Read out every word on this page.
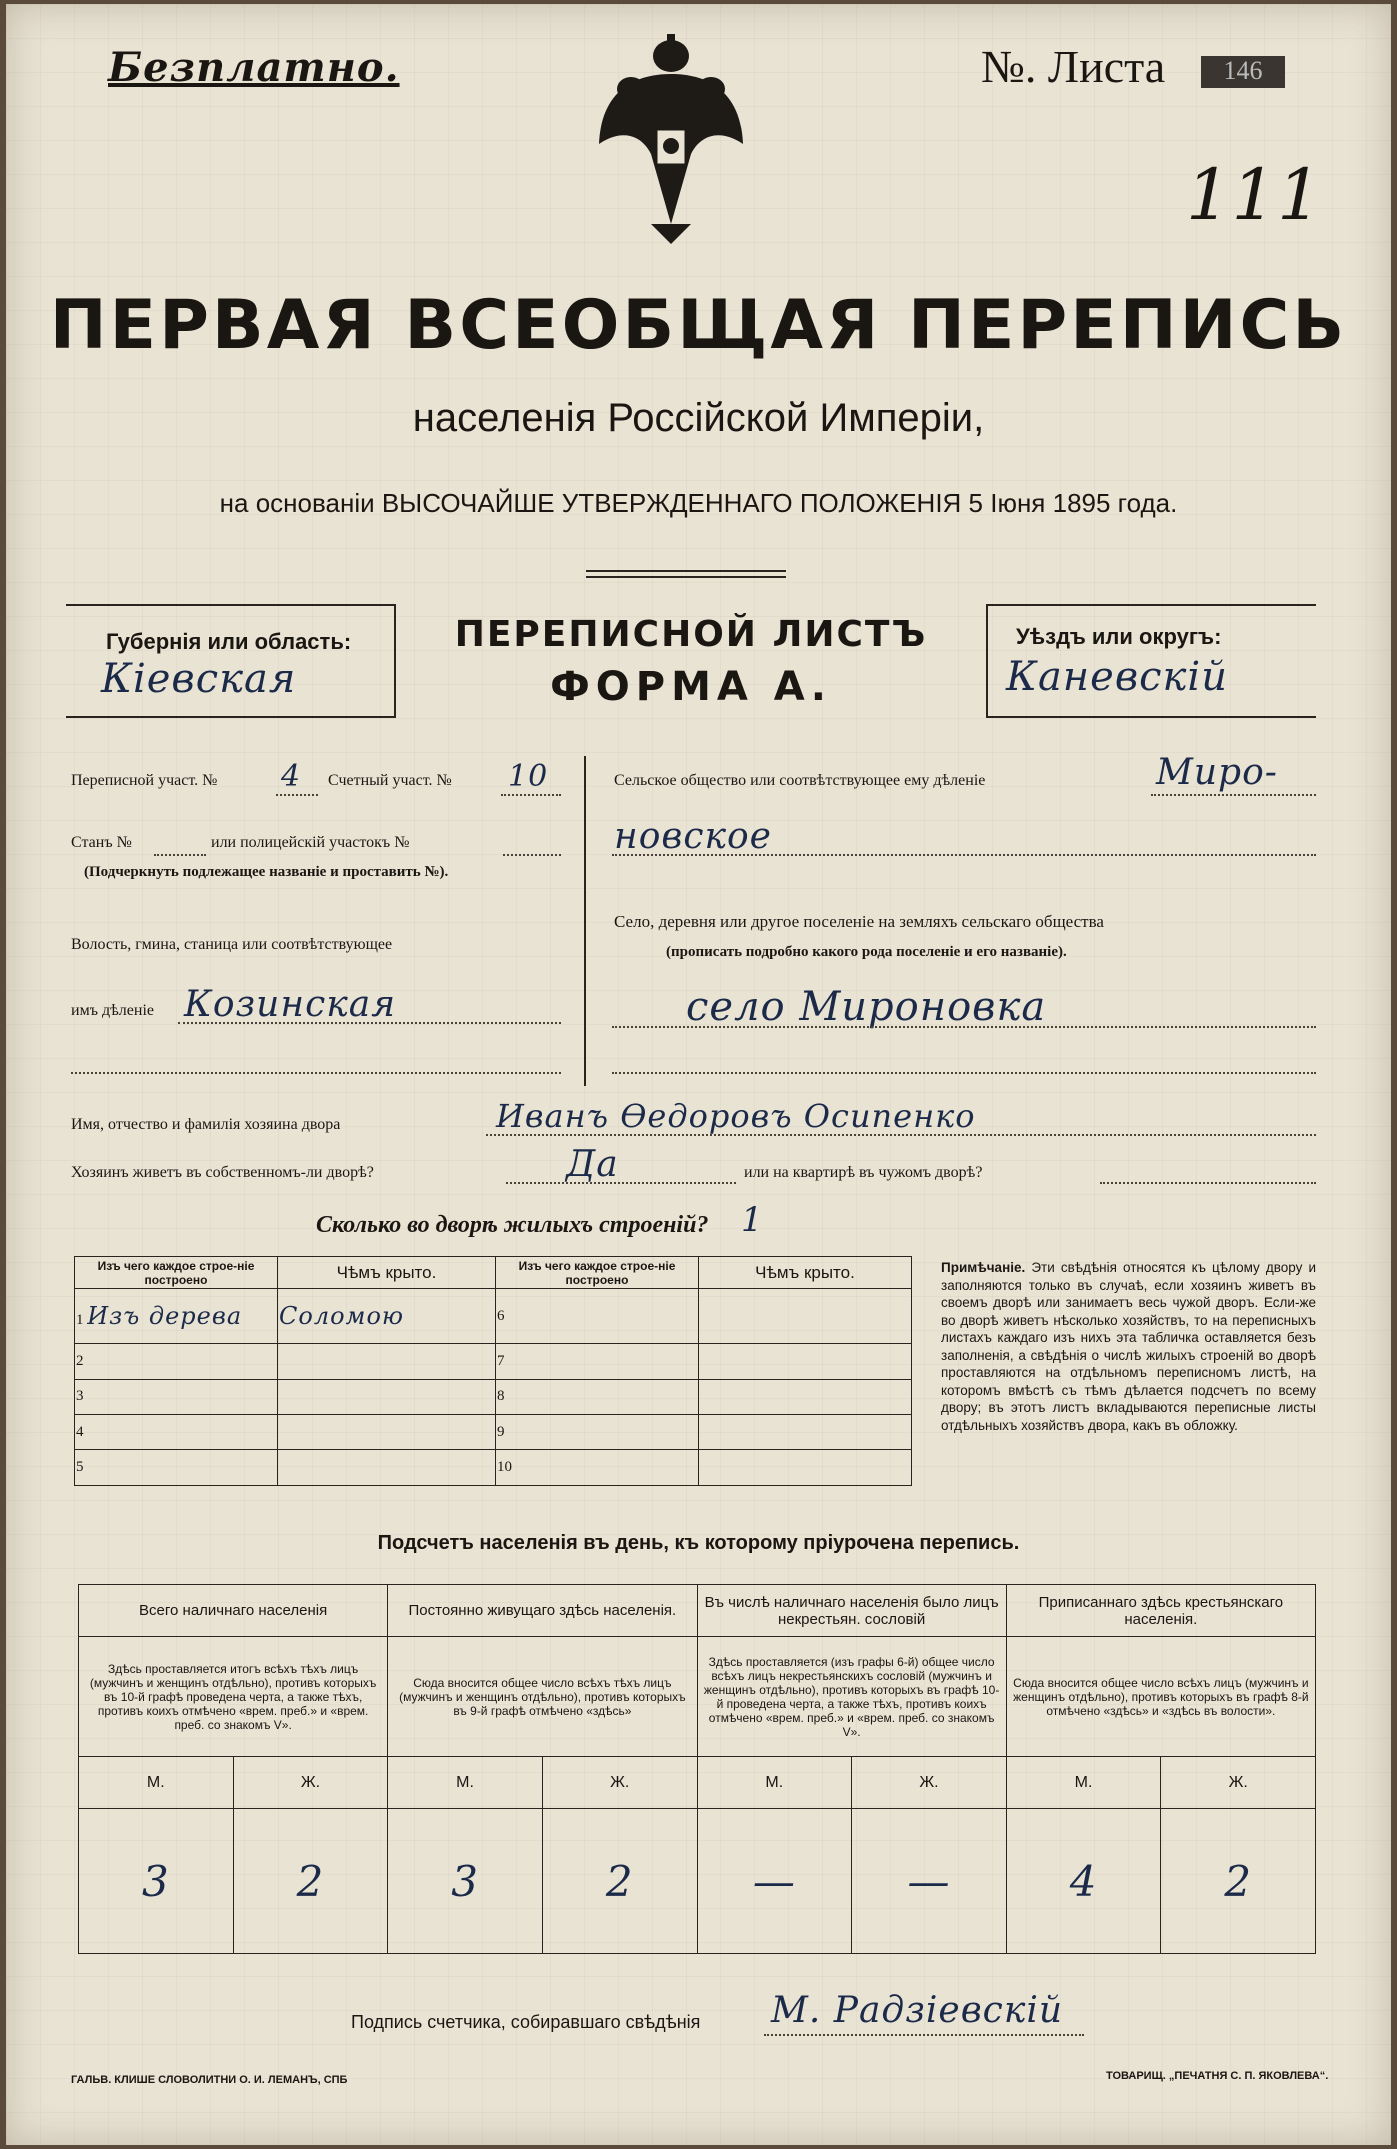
Безплатно.	№. Листа	146
111
ПЕРВАЯ ВСЕОБЩАЯ ПЕРЕПИСЬ
населенія Россійской Имперіи,
на основаніи ВЫСОЧАЙШЕ УТВЕРЖДЕННАГО ПОЛОЖЕНІЯ 5 Іюня 1895 года.
Губернія или область:
Кіевская
ПЕРЕПИСНОЙ ЛИСТЪ
ФОРМА А.
Уѣздъ или округъ:
Каневскій
Переписной участ. № 4 Счетный участ. № 10
Станъ №	или полицейскій участокъ №
(Подчеркнуть подлежащее названіе и проставить №).
Волость, гмина, станица или соотвѣтствующее
имъ дѣленіе Козинская
Сельское общество или соотвѣтствующее ему дѣленіе	Миро-
новское
Село, деревня или другое поселеніе на земляхъ сельскаго общества
(прописать подробно какого рода поселеніе и его названіе).
село Мироновка
Имя, отчество и фамилія хозяина двора	Иванъ Өедоровъ Осипенко
Хозяинъ живетъ въ собственномъ-ли дворѣ?	Да	или на квартирѣ въ чужомъ дворѣ?
Сколько во дворѣ жилыхъ строеній? 1
Изъ чего каждое строе-ніе построено	Чѣмъ крыто.	Изъ чего каждое строе-ніе построено	Чѣмъ крыто.
1 Изъ дерева	Соломою	6	
2		7	
3		8	
4		9	
5		10	
Примѣчаніе. Эти свѣдѣнія относятся къ цѣлому двору и заполняются только въ случаѣ, если хозяинъ живетъ въ своемъ дворѣ или занимаетъ весь чужой дворъ. Если-же во дворѣ живетъ нѣсколько хозяйствъ, то на переписныхъ листахъ каждаго изъ нихъ эта табличка оставляется безъ заполненія, а свѣдѣнія о числѣ жилыхъ строеній во дворѣ проставляются на отдѣльномъ переписномъ листѣ, на которомъ вмѣстѣ съ тѣмъ дѣлается подсчетъ по всему двору; въ этотъ листъ вкладываются переписные листы отдѣльныхъ хозяйствъ двора, какъ въ обложку.
Подсчетъ населенія въ день, къ которому пріурочена перепись.
Всего наличнаго населенія		Постоянно живущаго здѣсь населенія.		Въ числѣ наличнаго населенія было лицъ некрестьян. сословій		Приписаннаго здѣсь крестьянскаго населенія.	
Здѣсь проставляется итогъ всѣхъ тѣхъ лицъ (мужчинъ и женщинъ отдѣльно), противъ которыхъ въ 10-й графѣ проведена черта, а также тѣхъ, противъ коихъ отмѣчено «врем. преб.» и «врем. преб. со знакомъ V».		Сюда вносится общее число всѣхъ тѣхъ лицъ (мужчинъ и женщинъ отдѣльно), противъ которыхъ въ 9-й графѣ отмѣчено «здѣсь»		Здѣсь проставляется (изъ графы 6-й) общее число всѣхъ лицъ некрестьянскихъ сословій (мужчинъ и женщинъ отдѣльно), противъ которыхъ въ графѣ 10-й проведена черта, а также тѣхъ, противъ коихъ отмѣчено «врем. преб.» и «врем. преб. со знакомъ V».		Сюда вносится общее число всѣхъ лицъ (мужчинъ и женщинъ отдѣльно), противъ которыхъ въ графѣ 8-й отмѣчено «здѣсь» и «здѣсь въ волости».	
М.	Ж.	М.	Ж.	М.	Ж.	М.	Ж.
3	2	3	2	—	—	4	2
Подпись счетчика, собиравшаго свѣдѣнія М. Радзіевскій
ГАЛЬВ. КЛИШЕ СЛОВОЛИТНИ О. И. ЛЕМАНЪ, СПБ	ТОВАРИЩ. „ПЕЧАТНЯ С. П. ЯКОВЛЕВА“.
